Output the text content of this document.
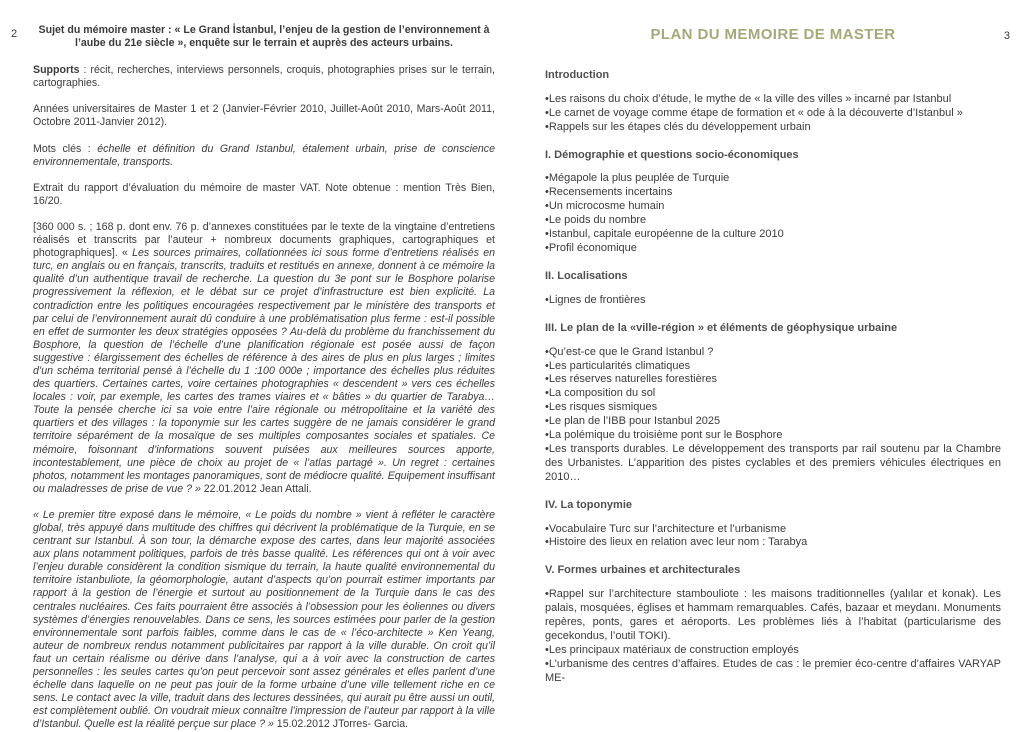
2	Sujet du mémoire master : « Le Grand İstanbul, l’enjeu de la gestion de l’environnement à l’aube du 21e siècle », enquête sur le terrain et auprès des acteurs urbains.

Supports : récit, recherches, interviews personnels, croquis, photographies prises sur le terrain, cartographies.

Années universitaires de Master 1 et 2 (Janvier-Février 2010, Juillet-Août 2010, Mars-Août 2011, Octobre 2011-Janvier 2012).

Mots clés : échelle et définition du Grand Istanbul, étalement urbain, prise de conscience environnementale, transports.

Extrait du rapport d’évaluation du mémoire de master VAT. Note obtenue : mention Très Bien, 16/20.

[360 000 s. ; 168 p. dont env. 76 p. d’annexes constituées par le texte de la vingtaine d’entretiens réalisés et transcrits par l’auteur + nombreux documents graphiques, cartographiques et photographiques]. « Les sources primaires, collationnées ici sous forme d’entretiens réalisés en turc, en anglais ou en français, transcrits, traduits et restitués en annexe, donnent à ce mémoire la qualité d’un authentique travail de recherche. La question du 3e pont sur le Bosphore polarise progressivement la réflexion, et le débat sur ce projet d’infrastructure est bien explicité. La contradiction entre les politiques encouragées respectivement par le ministère des transports et par celui de l’environnement aurait dû conduire à une problématisation plus ferme : est-il possible en effet de surmonter les deux stratégies opposées ? Au-delà du problème du franchissement du Bosphore, la question de l’échelle d’une planification régionale est posée aussi de façon suggestive : élargissement des échelles de référence à des aires de plus en plus larges ; limites d’un schéma territorial pensé à l’échelle du 1 :100 000e ; importance des échelles plus réduites des quartiers. Certaines cartes, voire certaines photographies « descendent » vers ces échelles locales : voir, par exemple, les cartes des trames viaires et « bâties » du quartier de Tarabya… Toute la pensée cherche ici sa voie entre l’aire régionale ou métropolitaine et la variété des quartiers et des villages : la toponymie sur les cartes suggère de ne jamais considérer le grand territoire séparément de la mosaïque de ses multiples composantes sociales et spatiales. Ce mémoire, foisonnant d’informations souvent puisées aux meilleures sources apporte, incontestablement, une pièce de choix au projet de « l’atlas partagé ». Un regret : certaines photos, notamment les montages panoramiques, sont de médiocre qualité. Equipement insuffisant ou maladresses de prise de vue ? » 22.01.2012 Jean Attali.

« Le premier titre exposé dans le mémoire, « Le poids du nombre » vient à refléter le caractère global, très appuyé dans multitude des chiffres qui décrivent la problématique de la Turquie, en se centrant sur Istanbul. À son tour, la démarche expose des cartes, dans leur majorité associées aux plans notamment politiques, parfois de très basse qualité. Les références qui ont à voir avec l’enjeu durable considèrent la condition sismique du terrain, la haute qualité environnemental du territoire istanbuliote, la géomorphologie, autant d’aspects qu’on pourrait estimer importants par rapport à la gestion de l’énergie et surtout au positionnement de la Turquie dans le cas des centrales nucléaires. Ces faits pourraient être associés à l’obsession pour les éoliennes ou divers systèmes d’énergies renouvelables. Dans ce sens, les sources estimées pour parler de la gestion environnementale sont parfois faibles, comme dans le cas de « l’éco-architecte » Ken Yeang, auteur de nombreux rendus notamment publicitaires par rapport à la ville durable. On croit qu’il faut un certain réalisme ou dérive dans l’analyse, qui a à voir avec la construction de cartes personnelles : les seules cartes qu’on peut percevoir sont assez générales et elles parlent d’une échelle dans laquelle on ne peut pas jouir de la forme urbaine d’une ville tellement riche en ce sens. Le contact avec la ville, traduit dans des lectures dessinées, qui aurait pu être aussi un outil, est complètement oublié. On voudrait mieux connaître l’impression de l’auteur par rapport à la ville d’Istanbul. Quelle est la réalité perçue sur place ? » 15.02.2012 JTorres- Garcia.

3
PLAN DU MEMOIRE DE MASTER
Introduction
• Les raisons du choix d’étude, le mythe de « la ville des villes » incarné par Istanbul
• Le carnet de voyage comme étape de formation et « ode à la découverte d’Istanbul »
• Rappels sur les étapes clés du développement urbain
I. Démographie et questions socio-économiques
• Mégapole la plus peuplée de Turquie
• Recensements incertains
• Un microcosme humain
• Le poids du nombre
• Istanbul, capitale européenne de la culture 2010
• Profil économique
II. Localisations
• Lignes de frontières
III. Le plan de la «ville-région » et éléments de géophysique urbaine
• Qu’est-ce que le Grand Istanbul ?
• Les particularités climatiques
• Les réserves naturelles forestières
• La composition du sol
• Les risques sismiques
• Le plan de l’IBB pour Istanbul 2025
• La polémique du troisième pont sur le Bosphore
• Les transports durables. Le développement des transports par rail soutenu par la Chambre des Urbanistes. L’apparition des pistes cyclables et des premiers véhicules électriques en 2010…
IV. La toponymie
• Vocabulaire Turc sur l’architecture et l’urbanisme
• Histoire des lieux en relation avec leur nom : Tarabya
V. Formes urbaines et architecturales
• Rappel sur l’architecture stambouliote : les maisons traditionnelles (yalılar et konak). Les palais, mosquées, églises et hammam remarquables. Cafés, bazaar et meydanı. Monuments repères, ponts, gares et aéroports. Les problèmes liés à l’habitat (particularisme des gecekondus, l’outil TOKI).
• Les principaux matériaux de construction employés
• L’urbanisme des centres d’affaires. Etudes de cas : le premier éco-centre d’affaires VARYAP ME-
